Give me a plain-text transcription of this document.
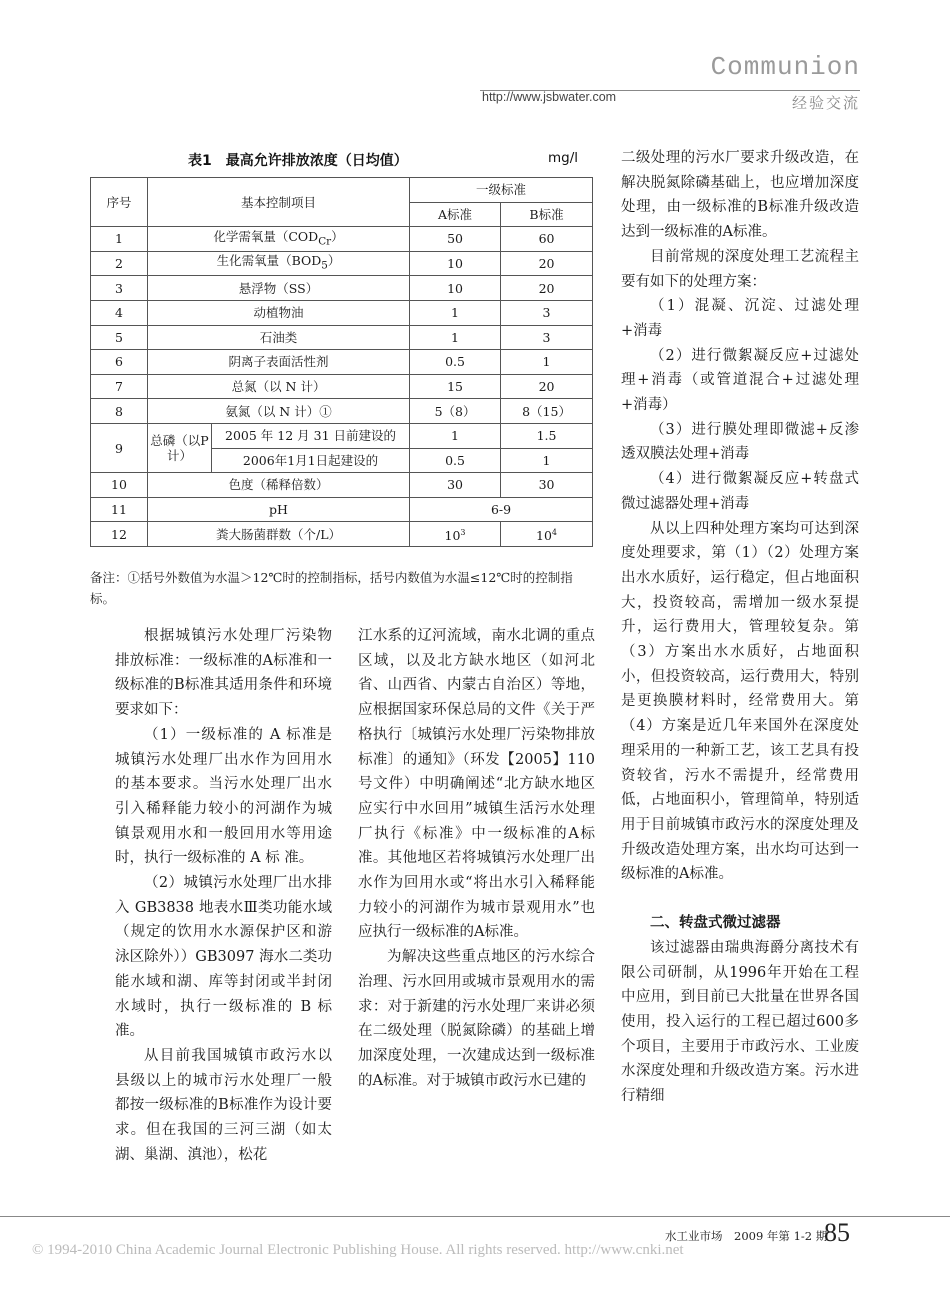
Communion
http://www.jsbwater.com	经验交流
表1　最高允许排放浓度（日均值）	mg/l
序号	基本控制项目		一级标准	
			A标准	B标准
1	化学需氧量$(COD_{Cr})$		50	60
2	生化需氧量$(BOD_5)$		10	20
3	悬浮物（SS）		10	20
4	动植物油		1	3
5	石油类		1	3
6	阴离子表面活性剂		0.5	1
7	总氮（以 N 计）		15	20
8	氨氮（以 N 计）①		5（8）	8（15）
9	总磷（以P 计）	2005 年 12 月 31 日前建设的	1	1.5
		2006年1月1日起建设的	0.5	1
10	色度（稀释倍数）		30	30
11	pH		6-9	
12	粪大肠菌群数（个/L）		$10^3$	$10^4$
备注：①括号外数值为水温＞12℃时的控制指标，括号内数值为水温≤12℃时的控制指标。

根据城镇污水处理厂污染物排放标准：一级标准的A标准和一级标准的B标准其适用条件和环境要求如下：

（1）一级标准的 A 标准是城镇污水处理厂出水作为回用水的基本要求。当污水处理厂出水引入稀释能力较小的河湖作为城镇景观用水和一般回用水等用途时，执行一级标准的 A 标 准。

（2）城镇污水处理厂出水排入 GB3838 地表水Ⅲ类功能水域（规定的饮用水水源保护区和游泳区除外））GB3097 海水二类功能水域和湖、库等封闭或半封闭水域时，执行一级标准的 B 标准。

从目前我国城镇市政污水以县级以上的城市污水处理厂一般都按一级标准的B标准作为设计要求。但在我国的三河三湖（如太湖、巢湖、滇池），松花

江水系的辽河流域，南水北调的重点区域，以及北方缺水地区（如河北省、山西省、内蒙古自治区）等地，应根据国家环保总局的文件《关于严格执行〔城镇污水处理厂污染物排放标准〕的通知》（环发【2005】110号文件）中明确阐述“北方缺水地区应实行中水回用”城镇生活污水处理厂执行《标准》中一级标准的A标准。其他地区若将城镇污水处理厂出水作为回用水或“将出水引入稀释能力较小的河湖作为城市景观用水”也应执行一级标准的A标准。

为解决这些重点地区的污水综合治理、污水回用或城市景观用水的需求：对于新建的污水处理厂来讲必须在二级处理（脱氮除磷）的基础上增加深度处理，一次建成达到一级标准的A标准。对于城镇市政污水已建的

二级处理的污水厂要求升级改造，在解决脱氮除磷基础上，也应增加深度处理，由一级标准的B标准升级改造达到一级标准的A标准。

目前常规的深度处理工艺流程主要有如下的处理方案：

（1）混凝、沉淀、过滤处理+消毒

（2）进行微絮凝反应+过滤处理+消毒（或管道混合+过滤处理+消毒）

（3）进行膜处理即微滤+反渗透双膜法处理+消毒

（4）进行微絮凝反应+转盘式微过滤器处理+消毒

从以上四种处理方案均可达到深度处理要求，第（1）（2）处理方案出水水质好，运行稳定，但占地面积大，投资较高，需增加一级水泵提升，运行费用大，管理较复杂。第（3）方案出水水质好，占地面积小，但投资较高，运行费用大，特别是更换膜材料时，经常费用大。第（4）方案是近几年来国外在深度处理采用的一种新工艺，该工艺具有投资较省，污水不需提升，经常费用低，占地面积小，管理简单，特别适用于目前城镇市政污水的深度处理及升级改造处理方案，出水均可达到一级标准的A标准。

二、转盘式微过滤器

该过滤器由瑞典海爵分离技术有限公司研制，从1996年开始在工程中应用，到目前已大批量在世界各国使用，投入运行的工程已超过600多个项目，主要用于市政污水、工业废水深度处理和升级改造方案。污水进行精细

水工业市场　2009 年第 1-2 期
85
© 1994-2010 China Academic Journal Electronic Publishing House. All rights reserved. http://www.cnki.net
